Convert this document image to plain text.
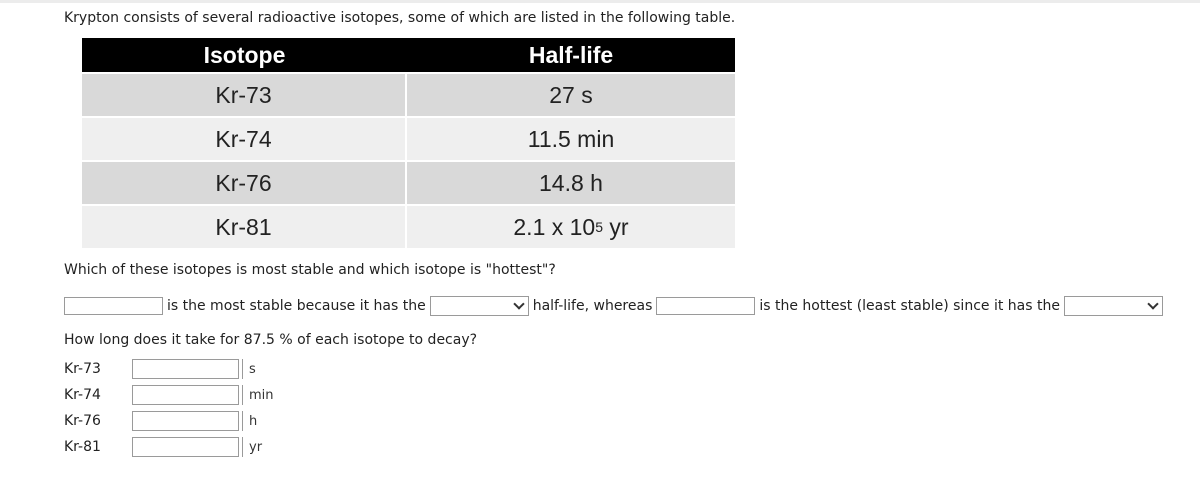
Krypton consists of several radioactive isotopes, some of which are listed in the following table.
Isotope	Half-life
Kr-73	27 s
Kr-74	11.5 min
Kr-76	14.8 h
Kr-81	2.1 x 10 5 yr
Which of these isotopes is most stable and which isotope is "hottest"?
is the most stable because it has the	half-life, whereas	is the hottest (least stable) since it has the
How long does it take for 87.5 % of each isotope to decay?
Kr-73	s
Kr-74	min
Kr-76	h
Kr-81	yr
